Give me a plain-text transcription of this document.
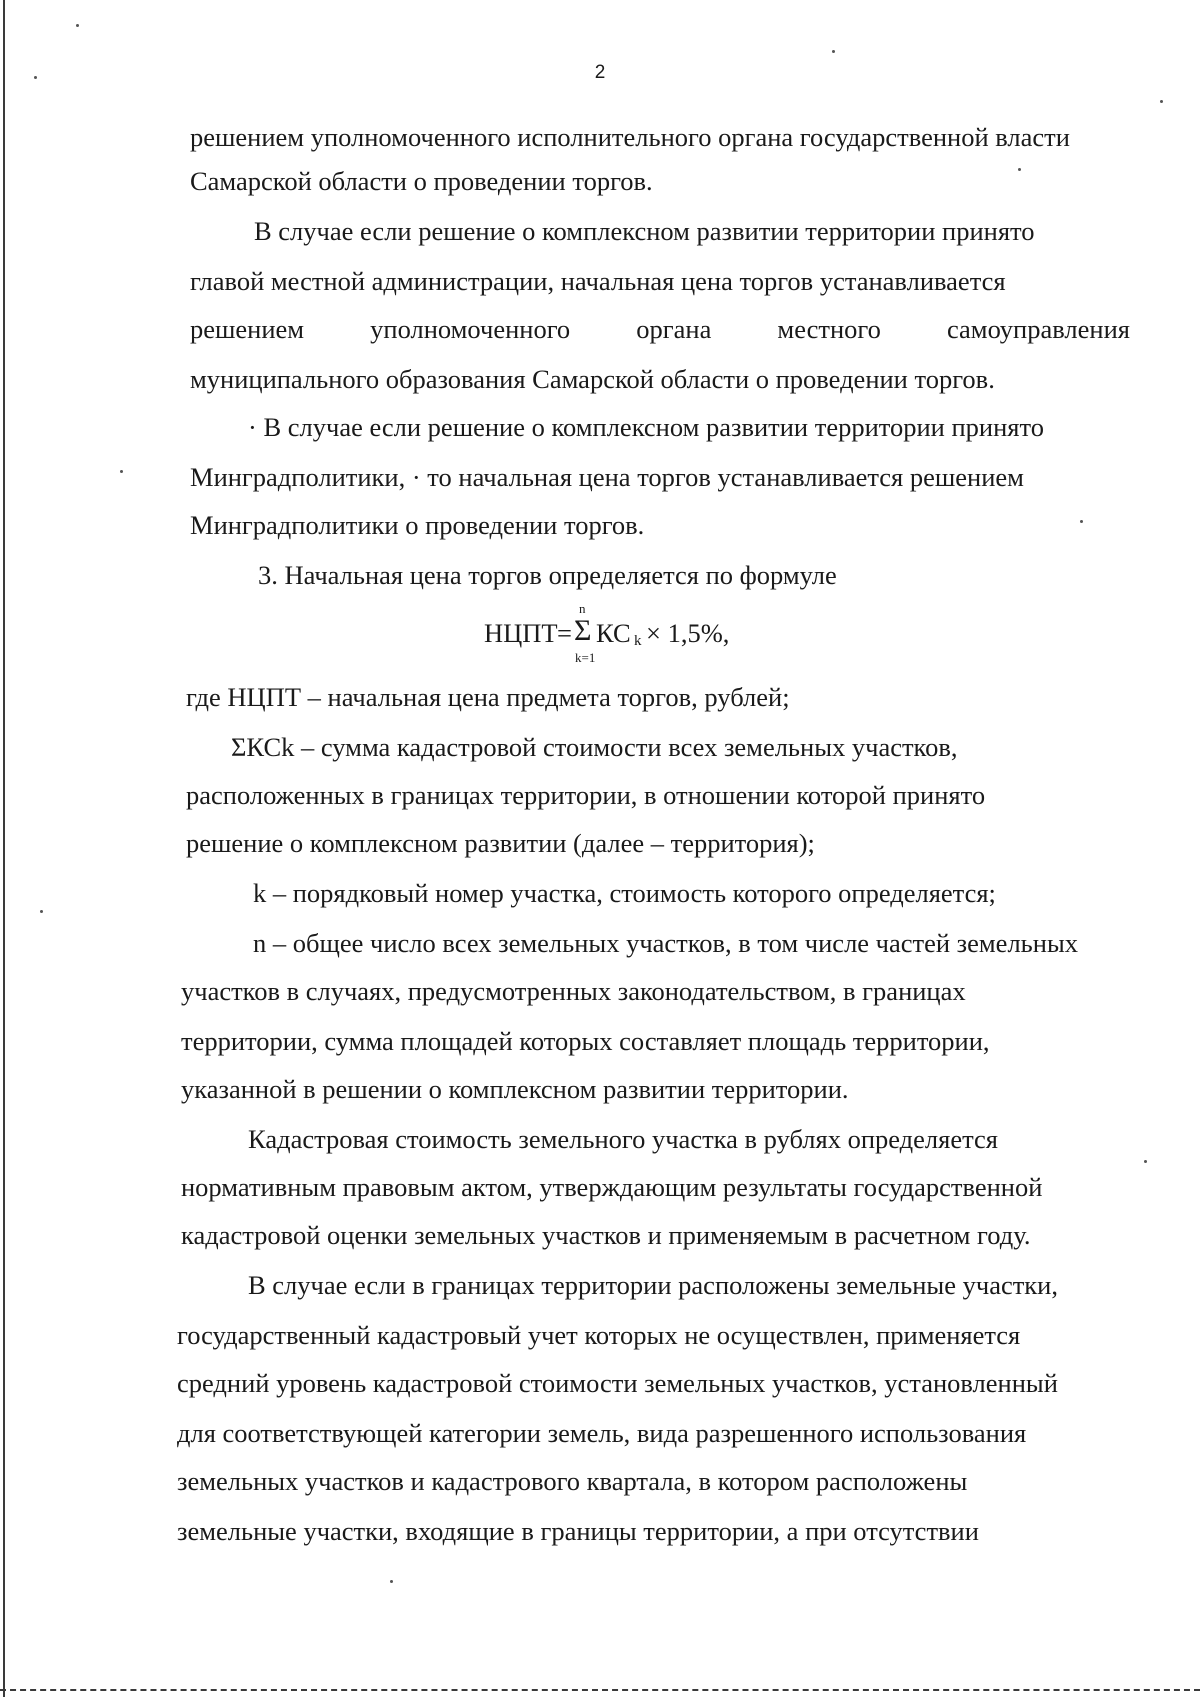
2
решением уполномоченного исполнительного органа государственной власти
Самарской области о проведении торгов.
В случае если решение о комплексном развитии территории принято
главой местной администрации, начальная цена торгов устанавливается
решением уполномоченного органа местного самоуправления
муниципального образования Самарской области о проведении торгов.
· В случае если решение о комплексном развитии территории принято
Минградполитики, · то начальная цена торгов устанавливается решением
Минградполитики о проведении торгов.
3. Начальная цена торгов определяется по формуле
где НЦПТ – начальная цена предмета торгов, рублей;
ΣКСk – сумма кадастровой стоимости всех земельных участков,
расположенных в границах территории, в отношении которой принято
решение о комплексном развитии (далее – территория);
k – порядковый номер участка, стоимость которого определяется;
n – общее число всех земельных участков, в том числе частей земельных
участков в случаях, предусмотренных законодательством, в границах
территории, сумма площадей которых составляет площадь территории,
указанной в решении о комплексном развитии территории.
Кадастровая стоимость земельного участка в рублях определяется
нормативным правовым актом, утверждающим результаты государственной
кадастровой оценки земельных участков и применяемым в расчетном году.
В случае если в границах территории расположены земельные участки,
государственный кадастровый учет которых не осуществлен, применяется
средний уровень кадастровой стоимости земельных участков, установленный
для соответствующей категории земель, вида разрешенного использования
земельных участков и кадастрового квартала, в котором расположены
земельные участки, входящие в границы территории, а при отсутствии
НЦПТ =
n
Σ
k=1
КС k × 1,5%,
